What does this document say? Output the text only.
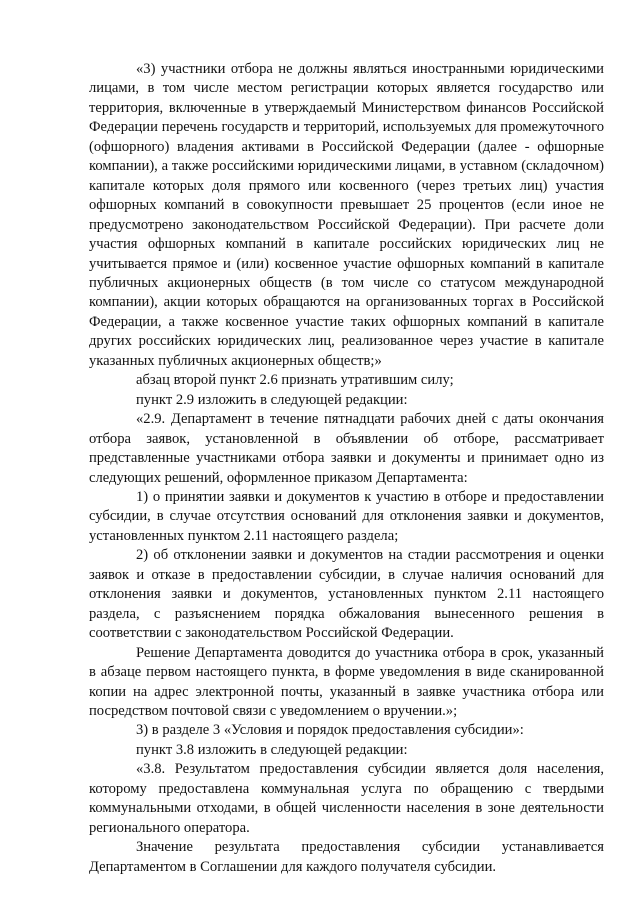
«3) участники отбора не должны являться иностранными юридическими лицами, в том числе местом регистрации которых является государство или территория, включенные в утверждаемый Министерством финансов Российской Федерации перечень государств и территорий, используемых для промежуточного (офшорного) владения активами в Российской Федерации (далее - офшорные компании), а также российскими юридическими лицами, в уставном (складочном) капитале которых доля прямого или косвенного (через третьих лиц) участия офшорных компаний в совокупности превышает 25 процентов (если иное не предусмотрено законодательством Российской Федерации). При расчете доли участия офшорных компаний в капитале российских юридических лиц не учитывается прямое и (или) косвенное участие офшорных компаний в капитале публичных акционерных обществ (в том числе со статусом международной компании), акции которых обращаются на организованных торгах в Российской Федерации, а также косвенное участие таких офшорных компаний в капитале других российских юридических лиц, реализованное через участие в капитале указанных публичных акционерных обществ;»

абзац второй пункт 2.6 признать утратившим силу;

пункт 2.9 изложить в следующей редакции:

«2.9. Департамент в течение пятнадцати рабочих дней с даты окончания отбора заявок, установленной в объявлении об отборе, рассматривает представленные участниками отбора заявки и документы и принимает одно из следующих решений, оформленное приказом Департамента:

1) о принятии заявки и документов к участию в отборе и предоставлении субсидии, в случае отсутствия оснований для отклонения заявки и документов, установленных пунктом 2.11 настоящего раздела;

2) об отклонении заявки и документов на стадии рассмотрения и оценки заявок и отказе в предоставлении субсидии, в случае наличия оснований для отклонения заявки и документов, установленных пунктом 2.11 настоящего раздела, с разъяснением порядка обжалования вынесенного решения в соответствии с законодательством Российской Федерации.

Решение Департамента доводится до участника отбора в срок, указанный в абзаце первом настоящего пункта, в форме уведомления в виде сканированной копии на адрес электронной почты, указанный в заявке участника отбора или посредством почтовой связи с уведомлением о вручении.»;

3) в разделе 3 «Условия и порядок предоставления субсидии»:

пункт 3.8 изложить в следующей редакции:

«3.8. Результатом предоставления субсидии является доля населения, которому предоставлена коммунальная услуга по обращению с твердыми коммунальными отходами, в общей численности населения в зоне деятельности регионального оператора.

Значение результата предоставления субсидии устанавливается Департаментом в Соглашении для каждого получателя субсидии.
